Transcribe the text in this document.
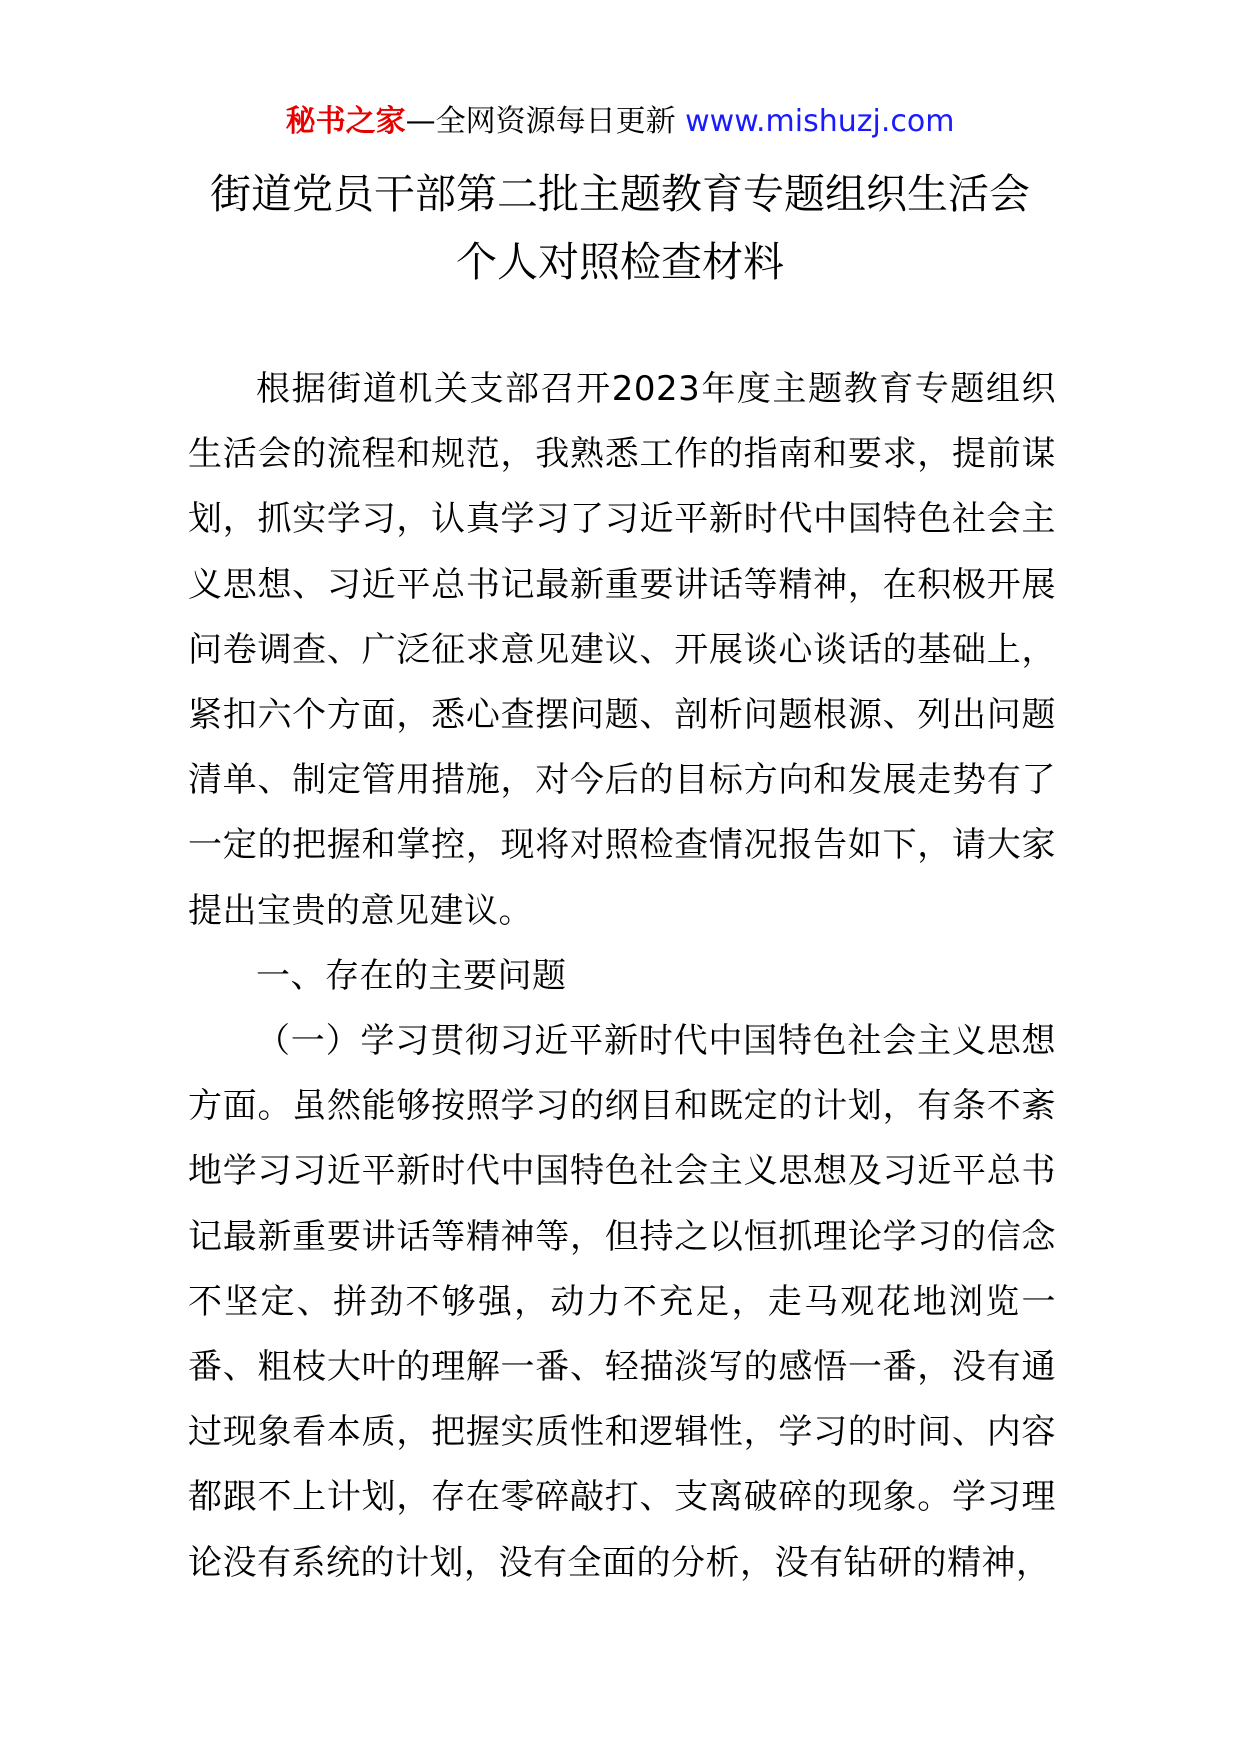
秘书之家—全网资源每日更新 www.mishuzj.com
街道党员干部第二批主题教育专题组织生活会
个人对照检查材料

根据街道机关支部召开2023年度主题教育专题组织生活会的流程和规范，我熟悉工作的指南和要求，提前谋划，抓实学习，认真学习了习近平新时代中国特色社会主义思想、习近平总书记最新重要讲话等精神，在积极开展问卷调查、广泛征求意见建议、开展谈心谈话的基础上，紧扣六个方面，悉心查摆问题、剖析问题根源、列出问题清单、制定管用措施，对今后的目标方向和发展走势有了一定的把握和掌控，现将对照检查情况报告如下，请大家提出宝贵的意见建议。

一、存在的主要问题

（一）学习贯彻习近平新时代中国特色社会主义思想方面。虽然能够按照学习的纲目和既定的计划，有条不紊地学习习近平新时代中国特色社会主义思想及习近平总书记最新重要讲话等精神等，但持之以恒抓理论学习的信念不坚定、拼劲不够强，动力不充足，走马观花地浏览一番、粗枝大叶的理解一番、轻描淡写的感悟一番，没有通过现象看本质，把握实质性和逻辑性，学习的时间、内容都跟不上计划，存在零碎敲打、支离破碎的现象。学习理论没有系统的计划，没有全面的分析，没有钻研的精神，
